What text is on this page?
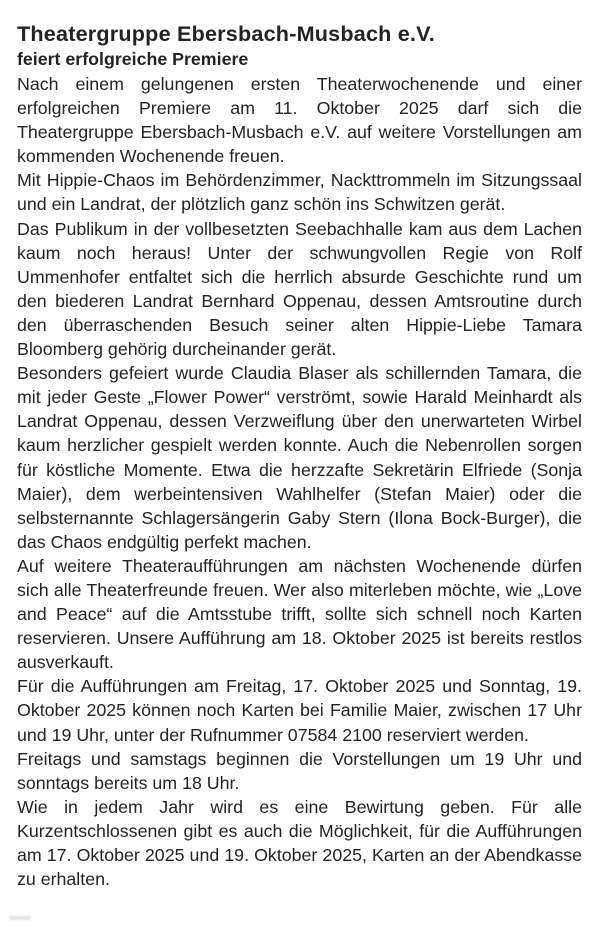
Theatergruppe Ebersbach-Musbach e.V.
feiert erfolgreiche Premiere

Nach einem gelungenen ersten Theaterwochenende und einer erfolgreichen Premiere am 11. Oktober 2025 darf sich die Theatergruppe Ebersbach-Musbach e.V. auf weitere Vorstellungen am kommenden Wochenende freuen.

Mit Hippie-Chaos im Behördenzimmer, Nackttrommeln im Sitzungssaal und ein Landrat, der plötzlich ganz schön ins Schwitzen gerät.

Das Publikum in der vollbesetzten Seebachhalle kam aus dem Lachen kaum noch heraus! Unter der schwungvollen Regie von Rolf Ummenhofer entfaltet sich die herrlich absurde Geschichte rund um den biederen Landrat Bernhard Oppenau, dessen Amtsroutine durch den überraschenden Besuch seiner alten Hippie-Liebe Tamara Bloomberg gehörig durcheinander gerät.

Besonders gefeiert wurde Claudia Blaser als schillernden Tamara, die mit jeder Geste „Flower Power“ verströmt, sowie Harald Meinhardt als Landrat Oppenau, dessen Verzweiflung über den unerwarteten Wirbel kaum herzlicher gespielt werden konnte. Auch die Nebenrollen sorgen für köstliche Momente. Etwa die herzzafte Sekretärin Elfriede (Sonja Maier), dem werbeintensiven Wahlhelfer (Stefan Maier) oder die selbsternannte Schlagersängerin Gaby Stern (Ilona Bock-Burger), die das Chaos endgültig perfekt machen.

Auf weitere Theateraufführungen am nächsten Wochenende dürfen sich alle Theaterfreunde freuen. Wer also miterleben möchte, wie „Love and Peace“ auf die Amtsstube trifft, sollte sich schnell noch Karten reservieren. Unsere Aufführung am 18. Oktober 2025 ist bereits restlos ausverkauft.

Für die Aufführungen am Freitag, 17. Oktober 2025 und Sonntag, 19. Oktober 2025 können noch Karten bei Familie Maier, zwischen 17 Uhr und 19 Uhr, unter der Rufnummer 07584 2100 reserviert werden.

Freitags und samstags beginnen die Vorstellungen um 19 Uhr und sonntags bereits um 18 Uhr.

Wie in jedem Jahr wird es eine Bewirtung geben. Für alle Kurzentschlossenen gibt es auch die Möglichkeit, für die Aufführungen am 17. Oktober 2025 und 19. Oktober 2025, Karten an der Abendkasse zu erhalten.
